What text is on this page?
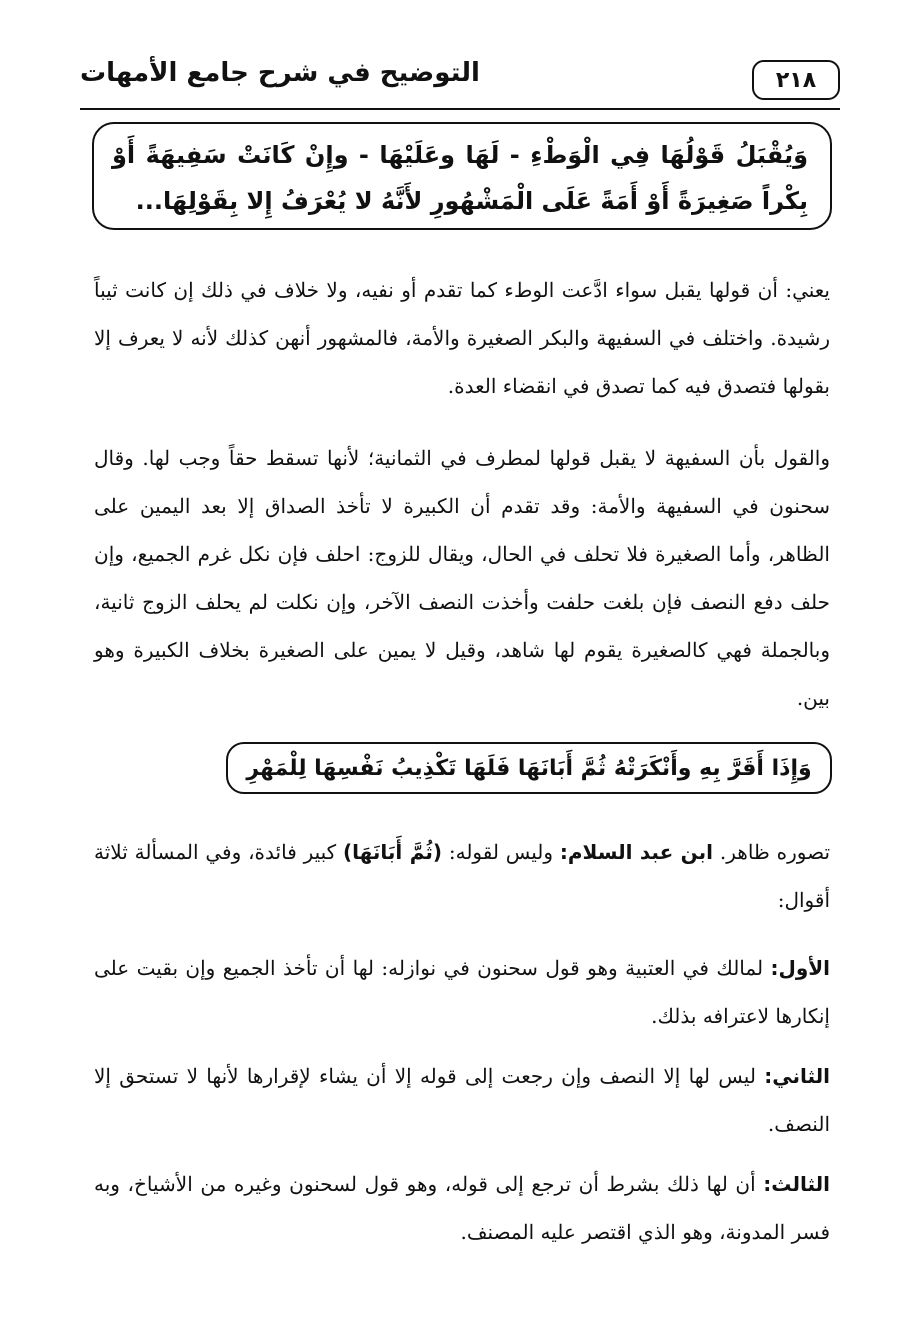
٢١٨
التوضيح في شرح جامع الأمهات
وَيُقْبَلُ قَوْلُهَا فِي الْوَطْءِ - لَهَا وعَلَيْهَا - وإِنْ كَانَتْ سَفِيهَةً أَوْ بِكْراً صَغِيرَةً أَوْ أَمَةً عَلَى الْمَشْهُورِ لأَنَّهُ لا يُعْرَفُ إِلا بِقَوْلِهَا...

يعني: أن قولها يقبل سواء ادَّعت الوطء كما تقدم أو نفيه، ولا خلاف في ذلك إن كانت ثيباً رشيدة. واختلف في السفيهة والبكر الصغيرة والأمة، فالمشهور أنهن كذلك لأنه لا يعرف إلا بقولها فتصدق فيه كما تصدق في انقضاء العدة.

والقول بأن السفيهة لا يقبل قولها لمطرف في الثمانية؛ لأنها تسقط حقاً وجب لها. وقال سحنون في السفيهة والأمة: وقد تقدم أن الكبيرة لا تأخذ الصداق إلا بعد اليمين على الظاهر، وأما الصغيرة فلا تحلف في الحال، ويقال للزوج: احلف فإن نكل غرم الجميع، وإن حلف دفع النصف فإن بلغت حلفت وأخذت النصف الآخر، وإن نكلت لم يحلف الزوج ثانية، وبالجملة فهي كالصغيرة يقوم لها شاهد، وقيل لا يمين على الصغيرة بخلاف الكبيرة وهو بين.

وَإِذَا أَقَرَّ بِهِ وأَنْكَرَتْهُ ثُمَّ أَبَانَهَا فَلَهَا تَكْذِيبُ نَفْسِهَا لِلْمَهْرِ

تصوره ظاهر. ابن عبد السلام: وليس لقوله: (ثُمَّ أَبَانَهَا) كبير فائدة، وفي المسألة ثلاثة أقوال:

الأول: لمالك في العتبية وهو قول سحنون في نوازله: لها أن تأخذ الجميع وإن بقيت على إنكارها لاعترافه بذلك.

الثاني: ليس لها إلا النصف وإن رجعت إلى قوله إلا أن يشاء لإقرارها لأنها لا تستحق إلا النصف.

الثالث: أن لها ذلك بشرط أن ترجع إلى قوله، وهو قول لسحنون وغيره من الأشياخ، وبه فسر المدونة، وهو الذي اقتصر عليه المصنف.
